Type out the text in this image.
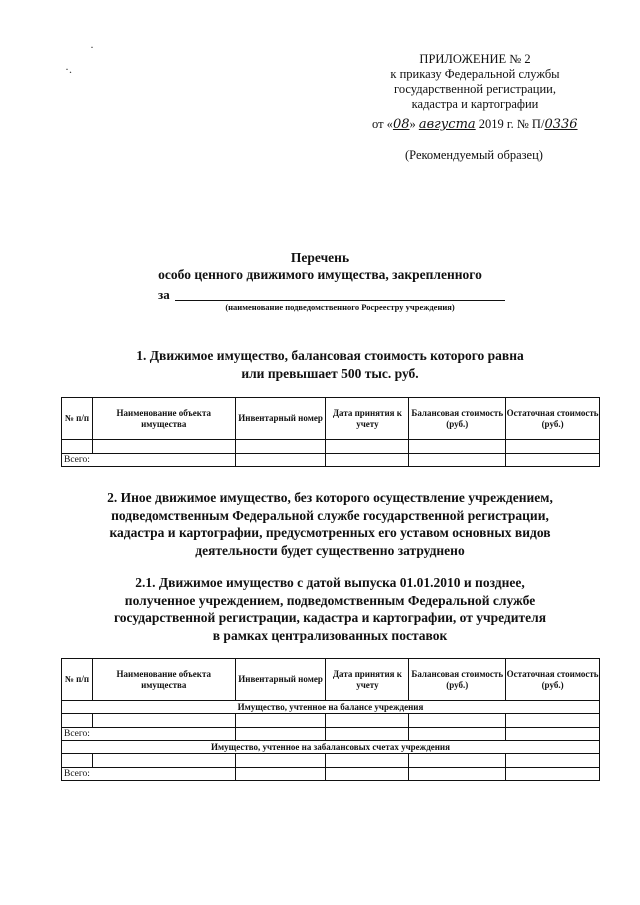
·
·.
ПРИЛОЖЕНИЕ № 2
к приказу Федеральной службы
государственной регистрации,
кадастра и картографии
от «08» августа 2019 г. № П/0336
(Рекомендуемый образец)
Перечень
особо ценного движимого имущества, закрепленного
за
(наименование подведомственного Росреестру учреждения)
1. Движимое имущество, балансовая стоимость которого равна
или превышает 500 тыс. руб.
№ п/п	Наименование объекта имущества	Инвентарный номер	Дата принятия к учету	Балансовая стоимость (руб.)	Остаточная стоимость (руб.)

Всего:					
2. Иное движимое имущество, без которого осуществление учреждением,
подведомственным Федеральной службе государственной регистрации,
кадастра и картографии, предусмотренных его уставом основных видов
деятельности будет существенно затруднено
2.1. Движимое имущество с датой выпуска 01.01.2010 и позднее,
полученное учреждением, подведомственным Федеральной службе
государственной регистрации, кадастра и картографии, от учредителя
в рамках централизованных поставок
№ п/п	Наименование объекта имущества	Инвентарный номер	Дата принятия к учету	Балансовая стоимость (руб.)	Остаточная стоимость (руб.)
Имущество, учтенное на балансе учреждения					

Всего:					
Имущество, учтенное на забалансовых счетах учреждения					

Всего:					
